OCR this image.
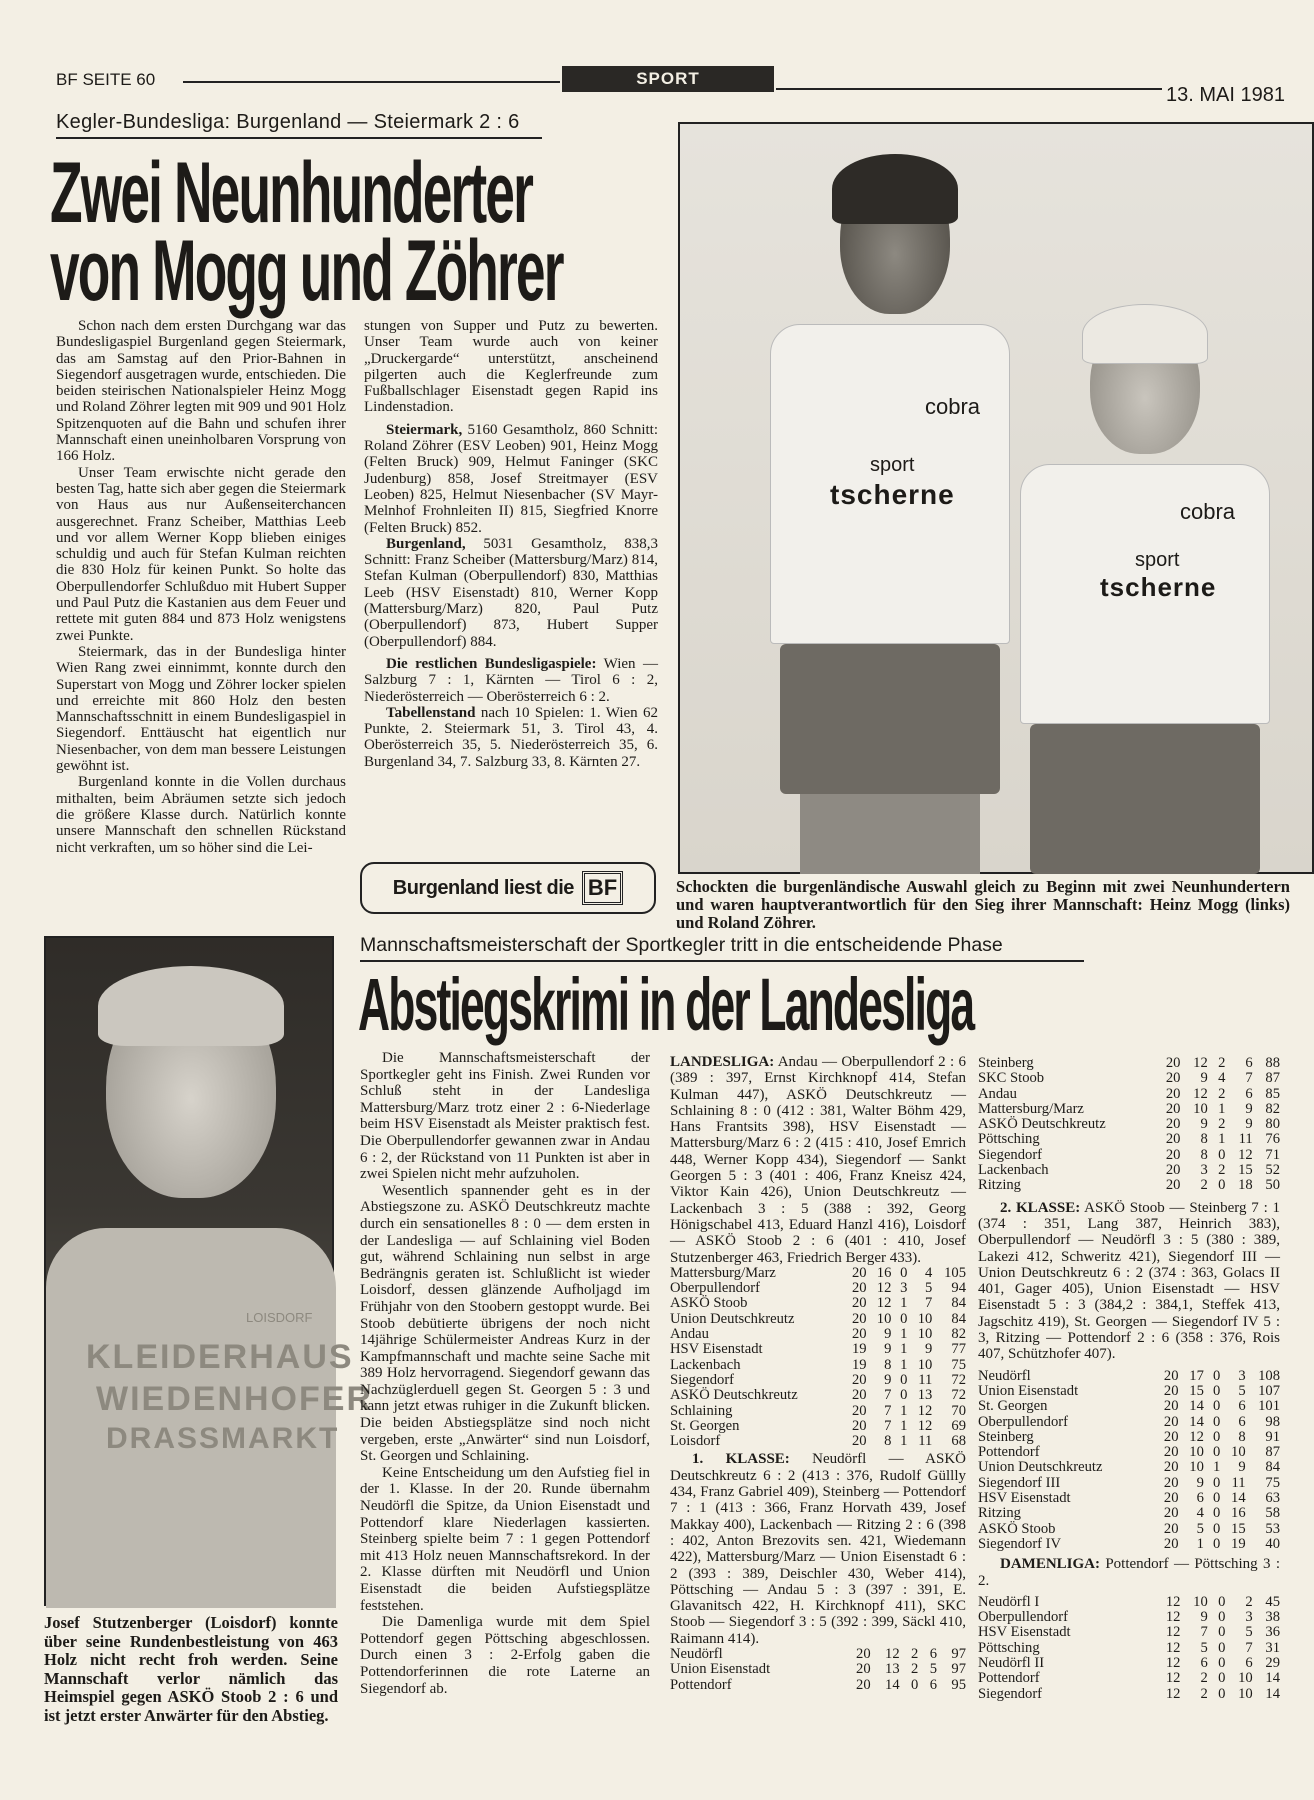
BF SEITE 60	SPORT
13. MAI 1981
Kegler-Bundesliga: Burgenland — Steiermark 2 : 6
Zwei Neunhunderter
von Mogg und Zöhrer

Schon nach dem ersten Durchgang war das Bundesligaspiel Burgenland gegen Steiermark, das am Samstag auf den Prior-Bahnen in Siegendorf ausgetragen wurde, entschieden. Die beiden steirischen Nationalspieler Heinz Mogg und Roland Zöhrer legten mit 909 und 901 Holz Spitzenquoten auf die Bahn und schufen ihrer Mannschaft einen uneinholbaren Vorsprung von 166 Holz.

Unser Team erwischte nicht gerade den besten Tag, hatte sich aber gegen die Steiermark von Haus aus nur Außenseiterchancen ausgerechnet. Franz Scheiber, Matthias Leeb und vor allem Werner Kopp blieben einiges schuldig und auch für Stefan Kulman reichten die 830 Holz für keinen Punkt. So holte das Oberpullendorfer Schlußduo mit Hubert Supper und Paul Putz die Kastanien aus dem Feuer und rettete mit guten 884 und 873 Holz wenigstens zwei Punkte.

Steiermark, das in der Bundesliga hinter Wien Rang zwei einnimmt, konnte durch den Superstart von Mogg und Zöhrer locker spielen und erreichte mit 860 Holz den besten Mannschaftsschnitt in einem Bundesligaspiel in Siegendorf. Enttäuscht hat eigentlich nur Niesenbacher, von dem man bessere Leistungen gewöhnt ist.

Burgenland konnte in die Vollen durchaus mithalten, beim Abräumen setzte sich jedoch die größere Klasse durch. Natürlich konnte unsere Mannschaft den schnellen Rückstand nicht verkraften, um so höher sind die Lei-

stungen von Supper und Putz zu bewerten. Unser Team wurde auch von keiner „Druckergarde“ unterstützt, anscheinend pilgerten auch die Keglerfreunde zum Fußballschlager Eisenstadt gegen Rapid ins Lindenstadion.

Steiermark, 5160 Gesamtholz, 860 Schnitt: Roland Zöhrer (ESV Leoben) 901, Heinz Mogg (Felten Bruck) 909, Helmut Faninger (SKC Judenburg) 858, Josef Streitmayer (ESV Leoben) 825, Helmut Niesenbacher (SV Mayr-Melnhof Frohnleiten II) 815, Siegfried Knorre (Felten Bruck) 852.

Burgenland, 5031 Gesamtholz, 838,3 Schnitt: Franz Scheiber (Mattersburg/Marz) 814, Stefan Kulman (Oberpullendorf) 830, Matthias Leeb (HSV Eisenstadt) 810, Werner Kopp (Mattersburg/Marz) 820, Paul Putz (Oberpullendorf) 873, Hubert Supper (Oberpullendorf) 884.

Die restlichen Bundesligaspiele: Wien — Salzburg 7 : 1, Kärnten — Tirol 6 : 2, Niederösterreich — Oberösterreich 6 : 2.

Tabellenstand nach 10 Spielen: 1. Wien 62 Punkte, 2. Steiermark 51, 3. Tirol 43, 4. Oberösterreich 35, 5. Niederösterreich 35, 6. Burgenland 34, 7. Salzburg 33, 8. Kärnten 27.

Burgenland liest die BF
cobra
sport
tscherne
cobra
sport
tscherne
Schockten die burgenländische Auswahl gleich zu Beginn mit zwei Neunhundertern und waren hauptverantwortlich für den Sieg ihrer Mannschaft: Heinz Mogg (links) und Roland Zöhrer.
LOISDORF
KLEIDERHAUS
WIEDENHOFER
DRASSMARKT
Josef Stutzenberger (Loisdorf) konnte über seine Rundenbestleistung von 463 Holz nicht recht froh werden. Seine Mannschaft verlor nämlich das Heimspiel gegen ASKÖ Stoob 2 : 6 und ist jetzt erster Anwärter für den Abstieg.
Mannschaftsmeisterschaft der Sportkegler tritt in die entscheidende Phase
Abstiegskrimi in der Landesliga

Die Mannschaftsmeisterschaft der Sportkegler geht ins Finish. Zwei Runden vor Schluß steht in der Landesliga Mattersburg/Marz trotz einer 2 : 6-Niederlage beim HSV Eisenstadt als Meister praktisch fest. Die Oberpullendorfer gewannen zwar in Andau 6 : 2, der Rückstand von 11 Punkten ist aber in zwei Spielen nicht mehr aufzuholen.

Wesentlich spannender geht es in der Abstiegszone zu. ASKÖ Deutschkreutz machte durch ein sensationelles 8 : 0 — dem ersten in der Landesliga — auf Schlaining viel Boden gut, während Schlaining nun selbst in arge Bedrängnis geraten ist. Schlußlicht ist wieder Loisdorf, dessen glänzende Aufholjagd im Frühjahr von den Stoobern gestoppt wurde. Bei Stoob debütierte übrigens der noch nicht 14jährige Schülermeister Andreas Kurz in der Kampfmannschaft und machte seine Sache mit 389 Holz hervorragend. Siegendorf gewann das Nachzüglerduell gegen St. Georgen 5 : 3 und kann jetzt etwas ruhiger in die Zukunft blicken. Die beiden Abstiegsplätze sind noch nicht vergeben, erste „Anwärter“ sind nun Loisdorf, St. Georgen und Schlaining.

Keine Entscheidung um den Aufstieg fiel in der 1. Klasse. In der 20. Runde übernahm Neudörfl die Spitze, da Union Eisenstadt und Pottendorf klare Niederlagen kassierten. Steinberg spielte beim 7 : 1 gegen Pottendorf mit 413 Holz neuen Mannschaftsrekord. In der 2. Klasse dürften mit Neudörfl und Union Eisenstadt die beiden Aufstiegsplätze feststehen.

Die Damenliga wurde mit dem Spiel Pottendorf gegen Pöttsching abgeschlossen. Durch einen 3 : 2-Erfolg gaben die Pottendorferinnen die rote Laterne an Siegendorf ab.

LANDESLIGA: Andau — Oberpullendorf 2 : 6 (389 : 397, Ernst Kirchknopf 414, Stefan Kulman 447), ASKÖ Deutschkreutz — Schlaining 8 : 0 (412 : 381, Walter Böhm 429, Hans Frantsits 398), HSV Eisenstadt — Mattersburg/Marz 6 : 2 (415 : 410, Josef Emrich 448, Werner Kopp 434), Siegendorf — Sankt Georgen 5 : 3 (401 : 406, Franz Kneisz 424, Viktor Kain 426), Union Deutschkreutz — Lackenbach 3 : 5 (388 : 392, Georg Hönigschabel 413, Eduard Hanzl 416), Loisdorf — ASKÖ Stoob 2 : 6 (401 : 410, Josef Stutzenberger 463, Friedrich Berger 433).

Mattersburg/Marz	20	16	0	4	105
Oberpullendorf	20	12	3	5	94
ASKÖ Stoob	20	12	1	7	84
Union Deutschkreutz	20	10	0	10	84
Andau	20	9	1	10	82
HSV Eisenstadt	19	9	1	9	77
Lackenbach	19	8	1	10	75
Siegendorf	20	9	0	11	72
ASKÖ Deutschkreutz	20	7	0	13	72
Schlaining	20	7	1	12	70
St. Georgen	20	7	1	12	69
Loisdorf	20	8	1	11	68

1. KLASSE: Neudörfl — ASKÖ Deutschkreutz 6 : 2 (413 : 376, Rudolf Güllly 434, Franz Gabriel 409), Steinberg — Pottendorf 7 : 1 (413 : 366, Franz Horvath 439, Josef Makkay 400), Lackenbach — Ritzing 2 : 6 (398 : 402, Anton Brezovits sen. 421, Wiedemann 422), Mattersburg/Marz — Union Eisenstadt 6 : 2 (393 : 389, Deischler 430, Weber 414), Pöttsching — Andau 5 : 3 (397 : 391, E. Glavanitsch 422, H. Kirchknopf 411), SKC Stoob — Siegendorf 3 : 5 (392 : 399, Säckl 410, Raimann 414).

Neudörfl	20	12	2	6	97
Union Eisenstadt	20	13	2	5	97
Pottendorf	20	14	0	6	95
Steinberg	20	12	2	6	88
SKC Stoob	20	9	4	7	87
Andau	20	12	2	6	85
Mattersburg/Marz	20	10	1	9	82
ASKÖ Deutschkreutz	20	9	2	9	80
Pöttsching	20	8	1	11	76
Siegendorf	20	8	0	12	71
Lackenbach	20	3	2	15	52
Ritzing	20	2	0	18	50

2. KLASSE: ASKÖ Stoob — Steinberg 7 : 1 (374 : 351, Lang 387, Heinrich 383), Oberpullendorf — Neudörfl 3 : 5 (380 : 389, Lakezi 412, Schweritz 421), Siegendorf III — Union Deutschkreutz 6 : 2 (374 : 363, Golacs II 401, Gager 405), Union Eisenstadt — HSV Eisenstadt 5 : 3 (384,2 : 384,1, Steffek 413, Jagschitz 419), St. Georgen — Siegendorf IV 5 : 3, Ritzing — Pottendorf 2 : 6 (358 : 376, Rois 407, Schützhofer 407).

Neudörfl	20	17	0	3	108
Union Eisenstadt	20	15	0	5	107
St. Georgen	20	14	0	6	101
Oberpullendorf	20	14	0	6	98
Steinberg	20	12	0	8	91
Pottendorf	20	10	0	10	87
Union Deutschkreutz	20	10	1	9	84
Siegendorf III	20	9	0	11	75
HSV Eisenstadt	20	6	0	14	63
Ritzing	20	4	0	16	58
ASKÖ Stoob	20	5	0	15	53
Siegendorf IV	20	1	0	19	40

DAMENLIGA: Pottendorf — Pöttsching 3 : 2.

Neudörfl I	12	10	0	2	45
Oberpullendorf	12	9	0	3	38
HSV Eisenstadt	12	7	0	5	36
Pöttsching	12	5	0	7	31
Neudörfl II	12	6	0	6	29
Pottendorf	12	2	0	10	14
Siegendorf	12	2	0	10	14
